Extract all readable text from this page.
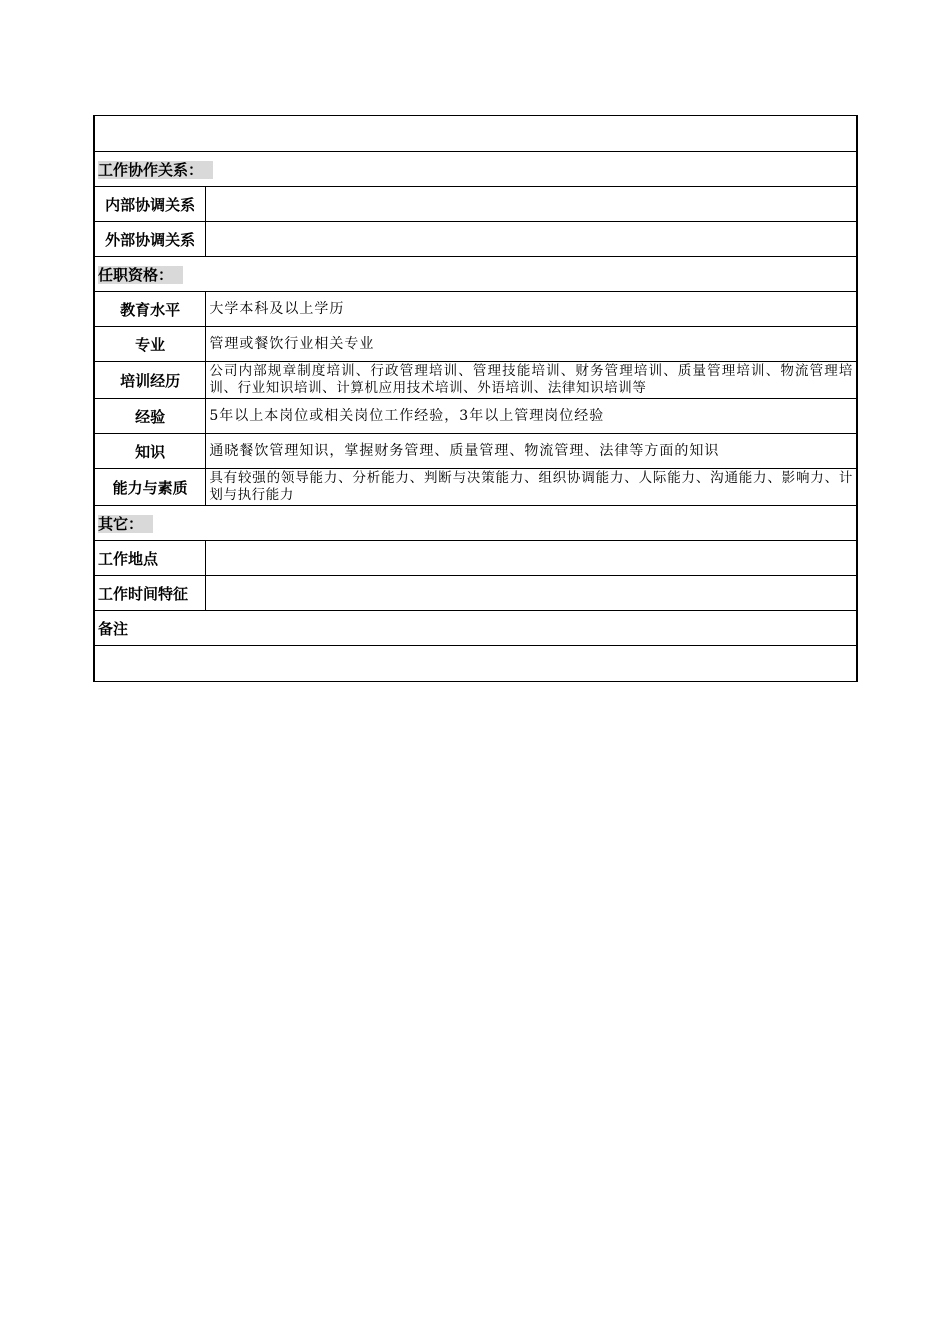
工作协作关系：	
内部协调关系	
外部协调关系	
任职资格：	
教育水平	大学本科及以上学历
专业	管理或餐饮行业相关专业
培训经历	公司内部规章制度培训、行政管理培训、管理技能培训、财务管理培训、质量管理培训、物流管理培训、行业知识培训、计算机应用技术培训、外语培训、法律知识培训等
经验	5年以上本岗位或相关岗位工作经验，3年以上管理岗位经验
知识	通晓餐饮管理知识，掌握财务管理、质量管理、物流管理、法律等方面的知识
能力与素质	具有较强的领导能力、分析能力、判断与决策能力、组织协调能力、人际能力、沟通能力、影响力、计划与执行能力
其它：	
工作地点	
工作时间特征	
备注	
